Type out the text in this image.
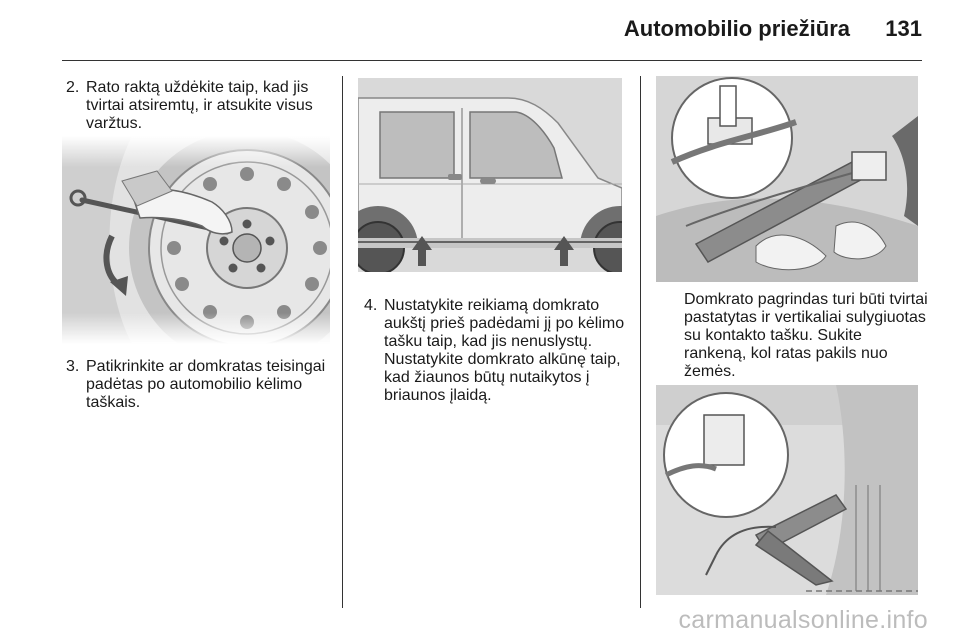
Automobilio priežiūra	131
2. Rato raktą uždėkite taip, kad jis tvirtai atsiremtų, ir atsukite visus varžtus.
3. Patikrinkite ar domkratas teisingai padėtas po automobilio kėlimo taškais.
4. Nustatykite reikiamą domkrato aukštį prieš padėdami jį po kėlimo tašku taip, kad jis nenuslystų. Nustatykite domkrato alkūnę taip, kad žiaunos būtų nutaikytos į briaunos įlaidą.
Domkrato pagrindas turi būti tvirtai pastatytas ir vertikaliai sulygiuotas su kontakto tašku. Sukite rankeną, kol ratas pakils nuo žemės.
carmanualsonline.info
